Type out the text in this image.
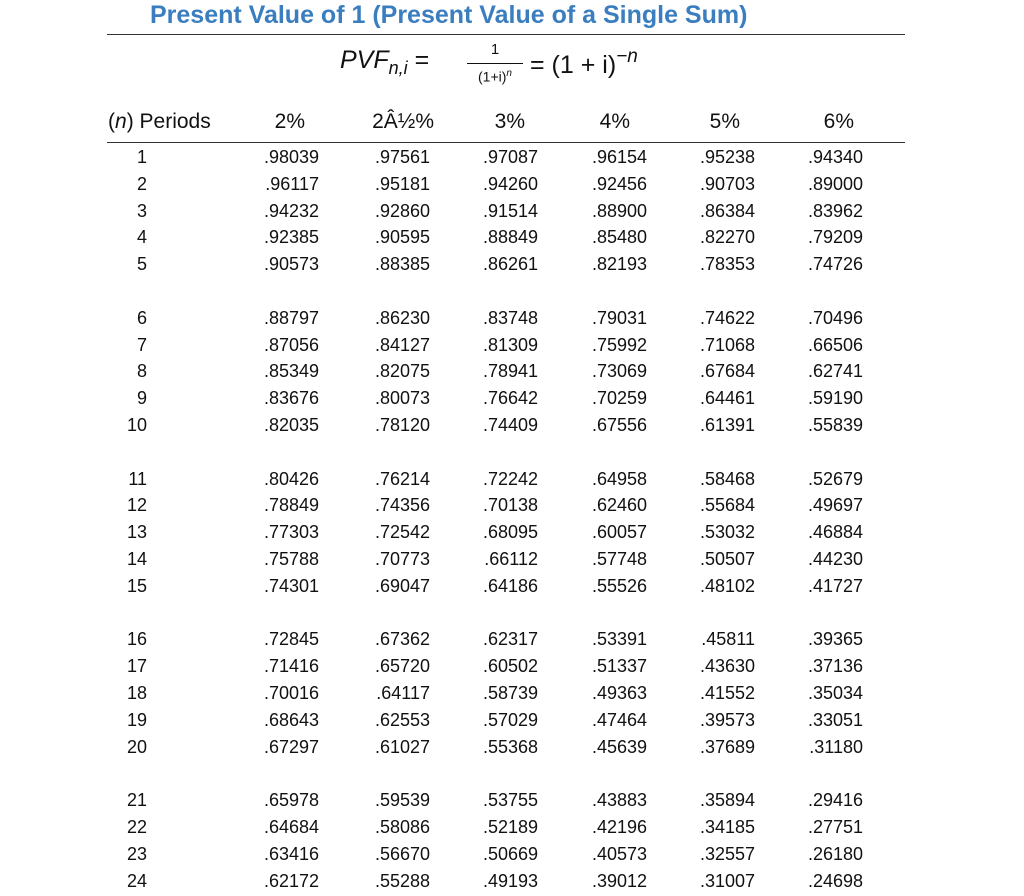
Present Value of 1 (Present Value of a Single Sum)
$PVF_{n,i}$ =	1
$(1+i)^n = (1 + i)^{-n}$
(n) Periods	2%	2Â½%	3%	4%	5%	6%
1	.98039	.97561	.97087	.96154	.95238	.94340
2	.96117	.95181	.94260	.92456	.90703	.89000
3	.94232	.92860	.91514	.88900	.86384	.83962
4	.92385	.90595	.88849	.85480	.82270	.79209
5	.90573	.88385	.86261	.82193	.78353	.74726
6	.88797	.86230	.83748	.79031	.74622	.70496
7	.87056	.84127	.81309	.75992	.71068	.66506
8	.85349	.82075	.78941	.73069	.67684	.62741
9	.83676	.80073	.76642	.70259	.64461	.59190
10	.82035	.78120	.74409	.67556	.61391	.55839
11	.80426	.76214	.72242	.64958	.58468	.52679
12	.78849	.74356	.70138	.62460	.55684	.49697
13	.77303	.72542	.68095	.60057	.53032	.46884
14	.75788	.70773	.66112	.57748	.50507	.44230
15	.74301	.69047	.64186	.55526	.48102	.41727
16	.72845	.67362	.62317	.53391	.45811	.39365
17	.71416	.65720	.60502	.51337	.43630	.37136
18	.70016	.64117	.58739	.49363	.41552	.35034
19	.68643	.62553	.57029	.47464	.39573	.33051
20	.67297	.61027	.55368	.45639	.37689	.31180
21	.65978	.59539	.53755	.43883	.35894	.29416
22	.64684	.58086	.52189	.42196	.34185	.27751
23	.63416	.56670	.50669	.40573	.32557	.26180
24	.62172	.55288	.49193	.39012	.31007	.24698
